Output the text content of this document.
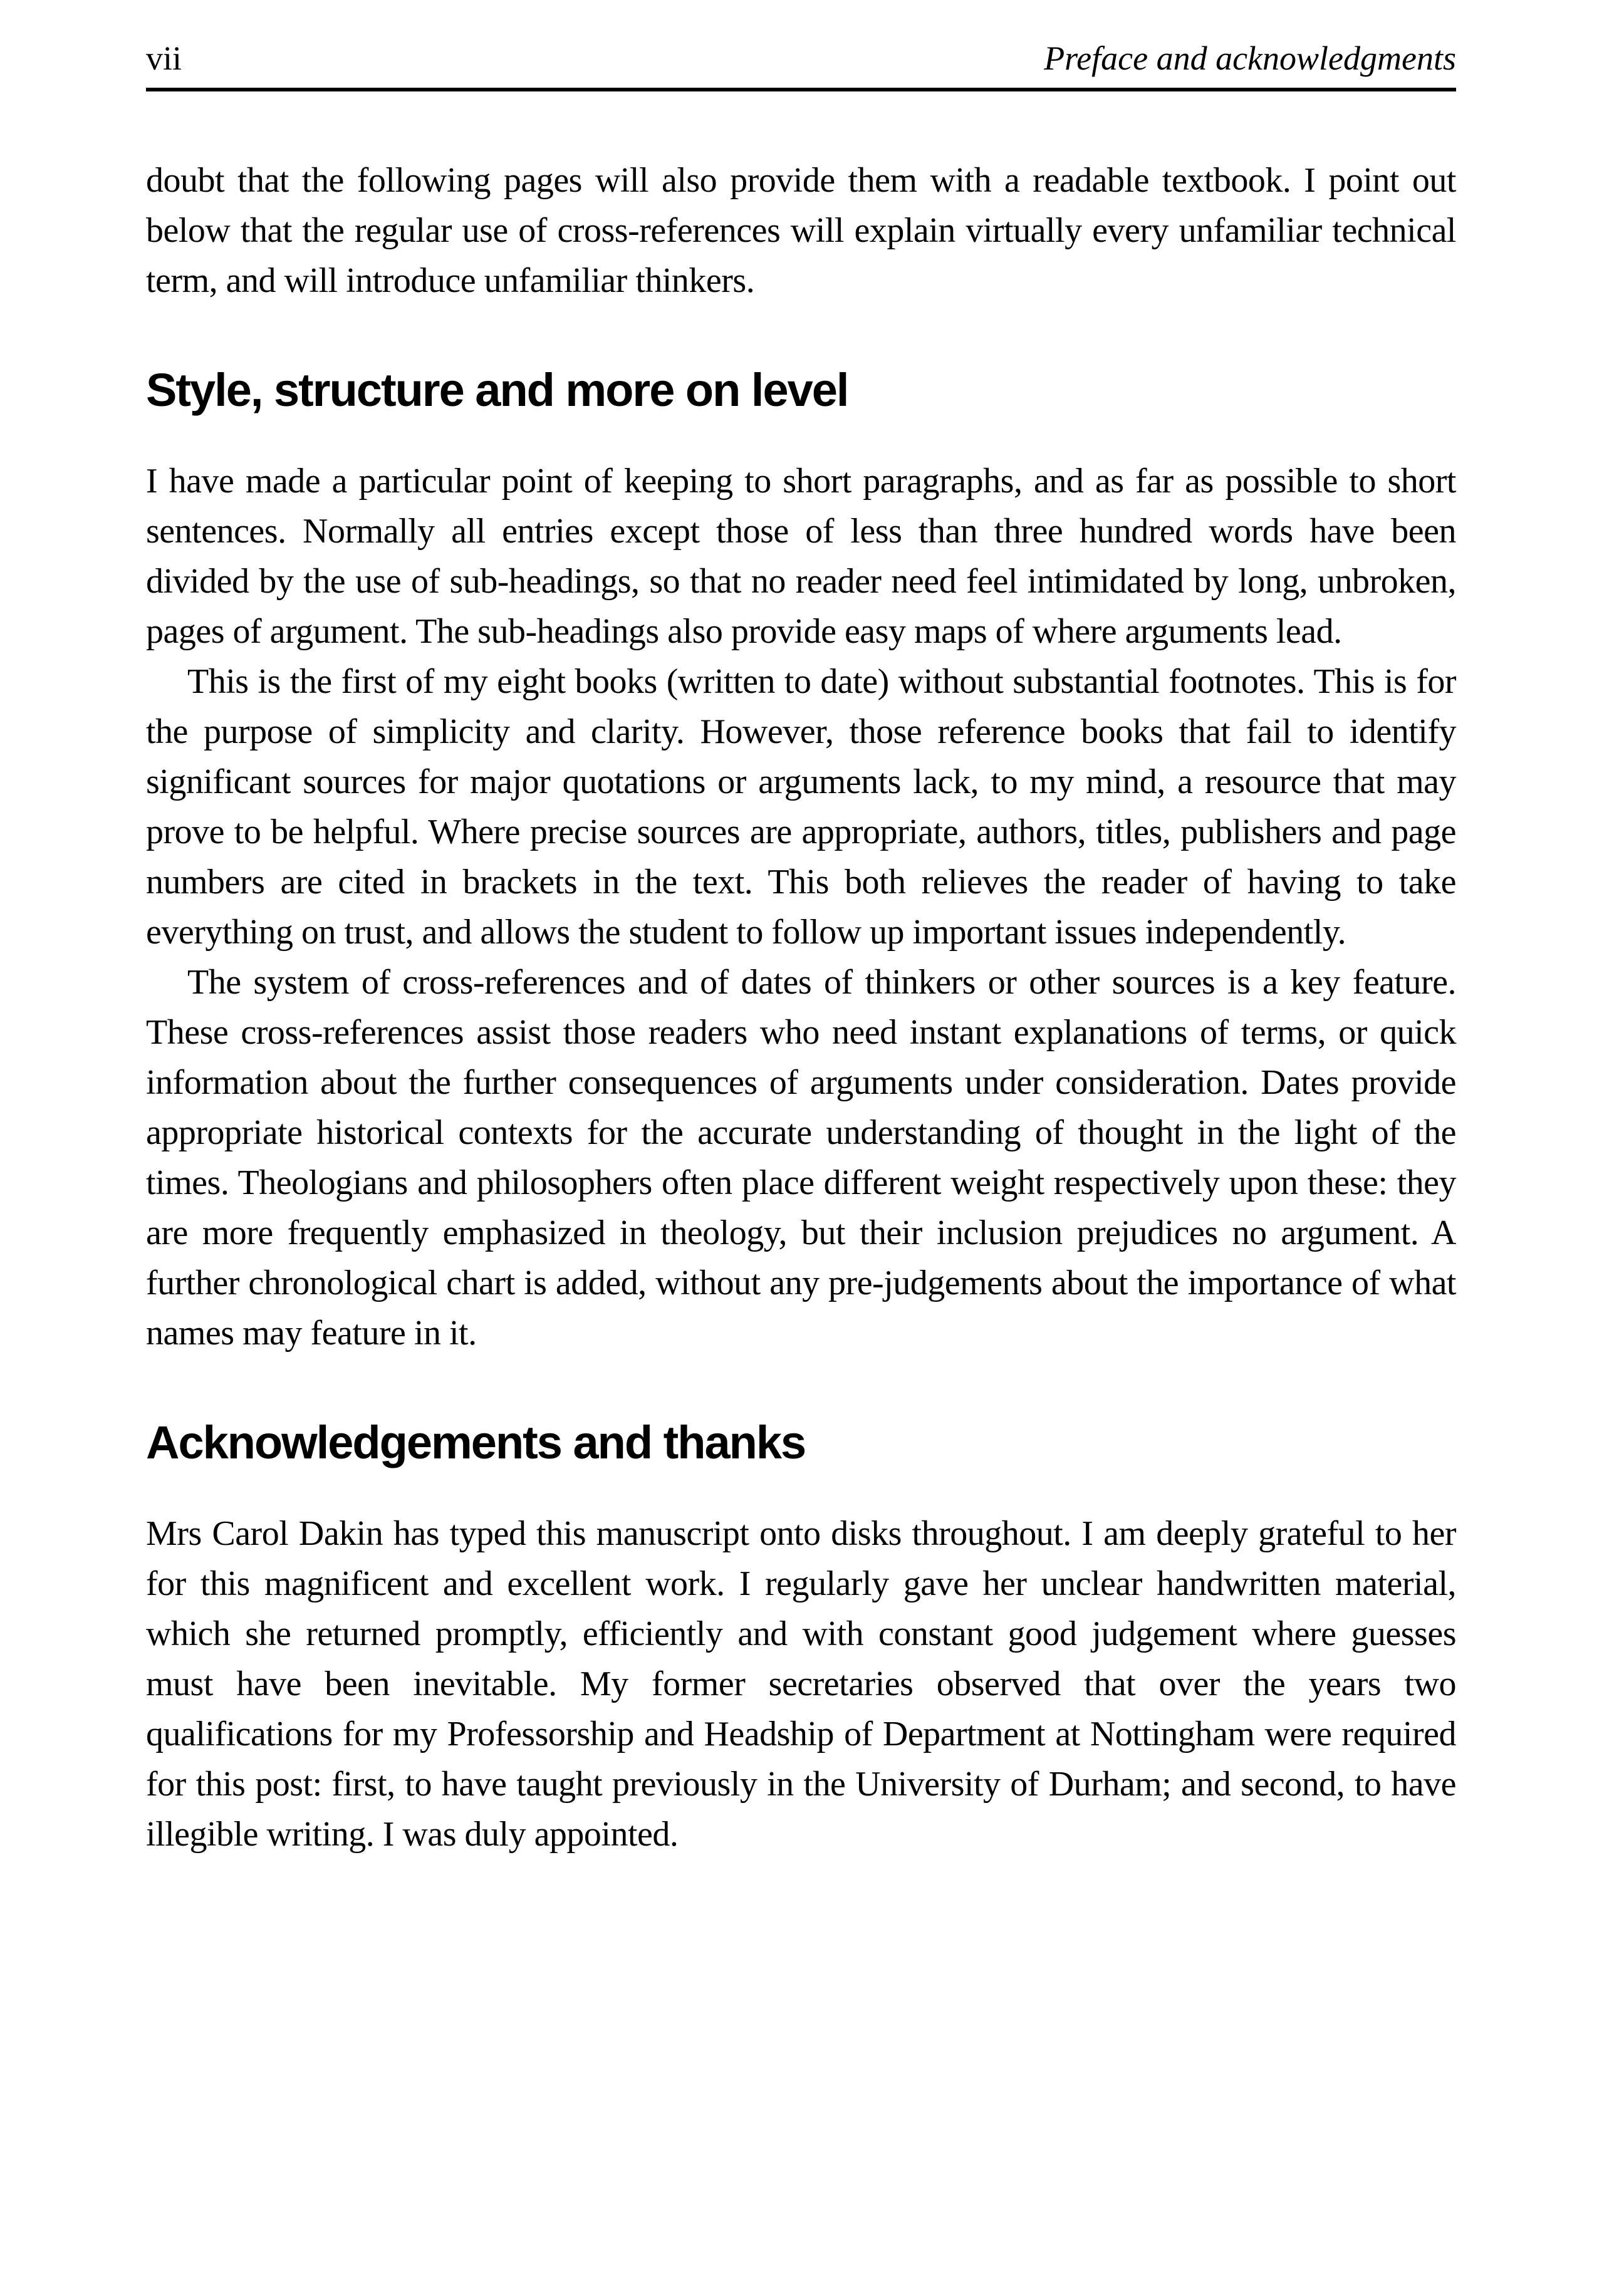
vii	Preface and acknowledgments

doubt that the following pages will also provide them with a readable textbook. I point out below that the regular use of cross-references will explain virtually every unfamiliar technical term, and will introduce unfamiliar thinkers.

Style, structure and more on level

I have made a particular point of keeping to short paragraphs, and as far as possible to short sentences. Normally all entries except those of less than three hundred words have been divided by the use of sub-headings, so that no reader need feel intimidated by long, unbroken, pages of argument. The sub-headings also provide easy maps of where arguments lead.

This is the first of my eight books (written to date) without substantial footnotes. This is for the purpose of simplicity and clarity. However, those reference books that fail to identify significant sources for major quotations or arguments lack, to my mind, a resource that may prove to be helpful. Where precise sources are appropriate, authors, titles, publishers and page numbers are cited in brackets in the text. This both relieves the reader of having to take everything on trust, and allows the student to follow up important issues independently.

The system of cross-references and of dates of thinkers or other sources is a key feature. These cross-references assist those readers who need instant explanations of terms, or quick information about the further consequences of arguments under consideration. Dates provide appropriate historical contexts for the accurate understanding of thought in the light of the times. Theologians and philosophers often place different weight respectively upon these: they are more frequently emphasized in theology, but their inclusion prejudices no argument. A further chronological chart is added, without any pre-judgements about the importance of what names may feature in it.

Acknowledgements and thanks

Mrs Carol Dakin has typed this manuscript onto disks throughout. I am deeply grateful to her for this magnificent and excellent work. I regularly gave her unclear handwritten material, which she returned promptly, efficiently and with constant good judgement where guesses must have been inevitable. My former secretaries observed that over the years two qualifications for my Professorship and Headship of Department at Nottingham were required for this post: first, to have taught previously in the University of Durham; and second, to have illegible writing. I was duly appointed.
